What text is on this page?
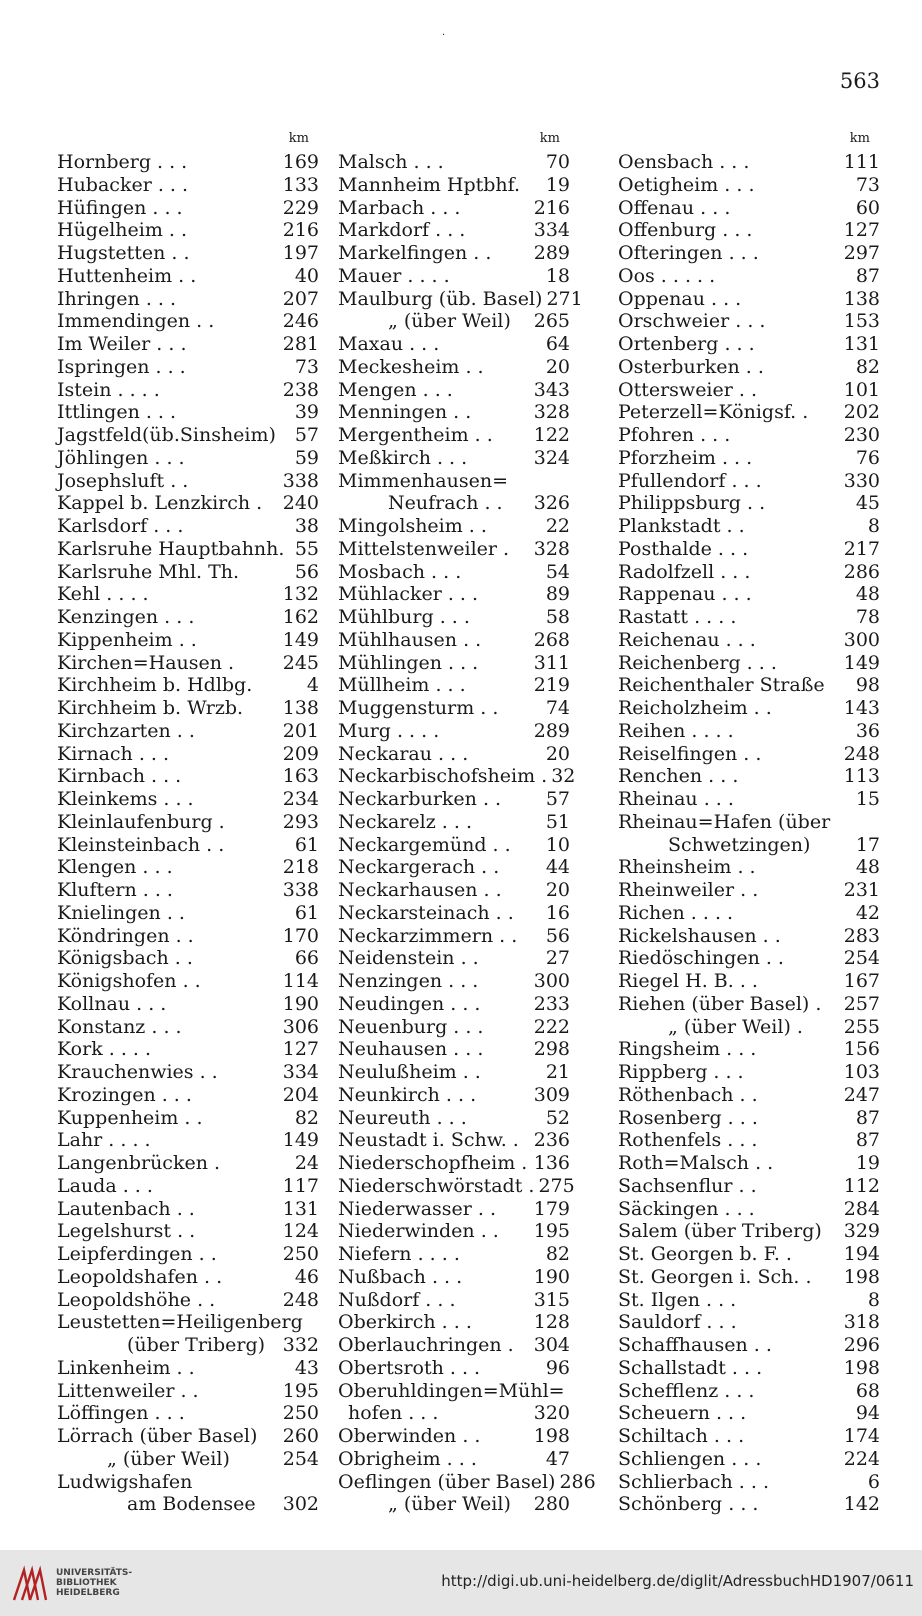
·
563
km
Hornberg . . .	169
Hubacker . . .	133
Hüfingen . . .	229
Hügelheim . .	216
Hugstetten . .	197
Huttenheim . .	40
Ihringen . . .	207
Immendingen . .	246
Im Weiler . . .	281
Ispringen . . .	73
Istein . . . .	238
Ittlingen . . .	39
Jagstfeld(üb.Sinsheim) 57
Jöhlingen . . .	59
Josephsluft . .	338
Kappel b. Lenzkirch .	240
Karlsdorf . . .	38
Karlsruhe Hauptbahnh. 55
Karlsruhe Mhl. Th.	56
Kehl . . . .	132
Kenzingen . . .	162
Kippenheim . .	149
Kirchen=Hausen .	245
Kirchheim b. Hdlbg.	4
Kirchheim b. Wrzb.	138
Kirchzarten . .	201
Kirnach . . .	209
Kirnbach . . .	163
Kleinkems . . .	234
Kleinlaufenburg .	293
Kleinsteinbach . .	61
Klengen . . .	218
Kluftern . . .	338
Knielingen . .	61
Köndringen . .	170
Königsbach . .	66
Königshofen . .	114
Kollnau . . .	190
Konstanz . . .	306
Kork . . . .	127
Krauchenwies . .	334
Krozingen . . .	204
Kuppenheim . .	82
Lahr . . . .	149
Langenbrücken .	24
Lauda . . .	117
Lautenbach . .	131
Legelshurst . .	124
Leipferdingen . .	250
Leopoldshafen . .	46
Leopoldshöhe . .	248
Leustetten=Heiligenberg
(über Triberg) 332
Linkenheim . .	43
Littenweiler . .	195
Löffingen . . .	250
Lörrach (über Basel)	260
„ (über Weil)	254
Ludwigshafen
am Bodensee	302
km
Malsch . . .	70
Mannheim Hptbhf.	19
Marbach . . .	216
Markdorf . . .	334
Markelfingen . .	289
Mauer . . . .	18
Maulburg (üb. Basel) 271
„ (über Weil)	265
Maxau . . .	64
Meckesheim . .	20
Mengen . . .	343
Menningen . .	328
Mergentheim . .	122
Meßkirch . . .	324
Mimmenhausen=
Neufrach . .	326
Mingolsheim . .	22
Mittelstenweiler .	328
Mosbach . . .	54
Mühlacker . . .	89
Mühlburg . . .	58
Mühlhausen . .	268
Mühlingen . . .	311
Müllheim . . .	219
Muggensturm . .	74
Murg . . . .	289
Neckarau . . .	20
Neckarbischofsheim . 32
Neckarburken . .	57
Neckarelz . . .	51
Neckargemünd . .	10
Neckargerach . .	44
Neckarhausen . .	20
Neckarsteinach . .	16
Neckarzimmern . .	56
Neidenstein . .	27
Nenzingen . . .	300
Neudingen . . .	233
Neuenburg . . .	222
Neuhausen . . .	298
Neulußheim . .	21
Neunkirch . . .	309
Neureuth . . .	52
Neustadt i. Schw. . 236
Niederschopfheim . 136
Niederschwörstadt . 275
Niederwasser . .	179
Niederwinden . .	195
Niefern . . . .	82
Nußbach . . .	190
Nußdorf . . .	315
Oberkirch . . .	128
Oberlauchringen .	304
Obertsroth . . .	96
Oberuhldingen=Mühl=
hofen . . .	320
Oberwinden . .	198
Obrigheim . . .	47
Oeflingen (über Basel) 286
„ (über Weil)	280
km
Oensbach . . .	111
Oetigheim . . .	73
Offenau . . .	60
Offenburg . . .	127
Ofteringen . . .	297
Oos . . . . .	87
Oppenau . . .	138
Orschweier . . .	153
Ortenberg . . .	131
Osterburken . .	82
Ottersweier . .	101
Peterzell=Königsf. .	202
Pfohren . . .	230
Pforzheim . . .	76
Pfullendorf . . .	330
Philippsburg . .	45
Plankstadt . .	8
Posthalde . . .	217
Radolfzell . . .	286
Rappenau . . .	48
Rastatt . . . .	78
Reichenau . . .	300
Reichenberg . . .	149
Reichenthaler Straße	98
Reicholzheim . .	143
Reihen . . . .	36
Reiselfingen . .	248
Renchen . . .	113
Rheinau . . .	15
Rheinau=Hafen (über
Schwetzingen)	17
Rheinsheim . .	48
Rheinweiler . .	231
Richen . . . .	42
Rickelshausen . .	283
Riedöschingen . .	254
Riegel H. B. . .	167
Riehen (über Basel) .	257
„ (über Weil) .	255
Ringsheim . . .	156
Rippberg . . .	103
Röthenbach . .	247
Rosenberg . . .	87
Rothenfels . . .	87
Roth=Malsch . .	19
Sachsenflur . .	112
Säckingen . . .	284
Salem (über Triberg)	329
St. Georgen b. F. .	194
St. Georgen i. Sch. .	198
St. Ilgen . . .	8
Sauldorf . . .	318
Schaffhausen . .	296
Schallstadt . . .	198
Schefflenz . . .	68
Scheuern . . .	94
Schiltach . . .	174
Schliengen . . .	224
Schlierbach . . .	6
Schönberg . . .	142
UNIVERSITÄTS-
BIBLIOTHEK
HEIDELBERG
http://digi.ub.uni-heidelberg.de/diglit/AdressbuchHD1907/0611
